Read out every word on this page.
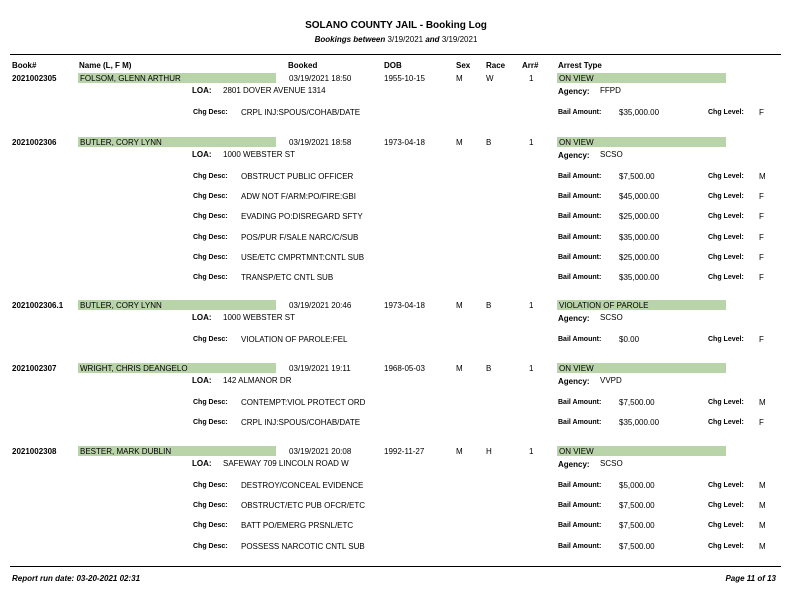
SOLANO COUNTY JAIL - Booking Log
Bookings between 3/19/2021 and 3/19/2021
Book#	Name (L, F M)	Booked	DOB	Sex Race Arr# Arrest Type
2021002305	FOLSOM, GLENN ARTHUR	03/19/2021 18:50	1955-10-15	M	W	1	ON VIEW
LOA: 2801 DOVER AVENUE 1314	Agency: FFPD
Chg Desc: CRPL INJ:SPOUS/COHAB/DATE	Bail Amount: $35,000.00	Chg Level: F
2021002306	BUTLER, CORY LYNN	03/19/2021 18:58	1973-04-18	M	B	1	ON VIEW
LOA: 1000 WEBSTER ST	Agency: SCSO
Chg Desc: OBSTRUCT PUBLIC OFFICER	Bail Amount: $7,500.00	Chg Level: M
Chg Desc: ADW NOT F/ARM:PO/FIRE:GBI	Bail Amount: $45,000.00	Chg Level: F
Chg Desc: EVADING PO:DISREGARD SFTY	Bail Amount: $25,000.00	Chg Level: F
Chg Desc: POS/PUR F/SALE NARC/C/SUB	Bail Amount: $35,000.00	Chg Level: F
Chg Desc: USE/ETC CMPRTMNT:CNTL SUB	Bail Amount: $25,000.00	Chg Level: F
Chg Desc: TRANSP/ETC CNTL SUB	Bail Amount: $35,000.00	Chg Level: F
2021002306.1 BUTLER, CORY LYNN	03/19/2021 20:46	1973-04-18	M	B	1	VIOLATION OF PAROLE
LOA: 1000 WEBSTER ST	Agency: SCSO
Chg Desc: VIOLATION OF PAROLE:FEL	Bail Amount: $0.00	Chg Level: F
2021002307	WRIGHT, CHRIS DEANGELO	03/19/2021 19:11	1968-05-03	M	B	1	ON VIEW
LOA: 142 ALMANOR DR	Agency: VVPD
Chg Desc: CONTEMPT:VIOL PROTECT ORD	Bail Amount: $7,500.00	Chg Level: M
Chg Desc: CRPL INJ:SPOUS/COHAB/DATE	Bail Amount: $35,000.00	Chg Level: F
2021002308	BESTER, MARK DUBLIN	03/19/2021 20:08	1992-11-27	M	H	1	ON VIEW
LOA: SAFEWAY 709 LINCOLN ROAD W	Agency: SCSO
Chg Desc: DESTROY/CONCEAL EVIDENCE	Bail Amount: $5,000.00	Chg Level: M
Chg Desc: OBSTRUCT/ETC PUB OFCR/ETC	Bail Amount: $7,500.00	Chg Level: M
Chg Desc: BATT PO/EMERG PRSNL/ETC	Bail Amount: $7,500.00	Chg Level: M
Chg Desc: POSSESS NARCOTIC CNTL SUB	Bail Amount: $7,500.00	Chg Level: M
Report run date: 03-20-2021 02:31	Page 11 of 13
